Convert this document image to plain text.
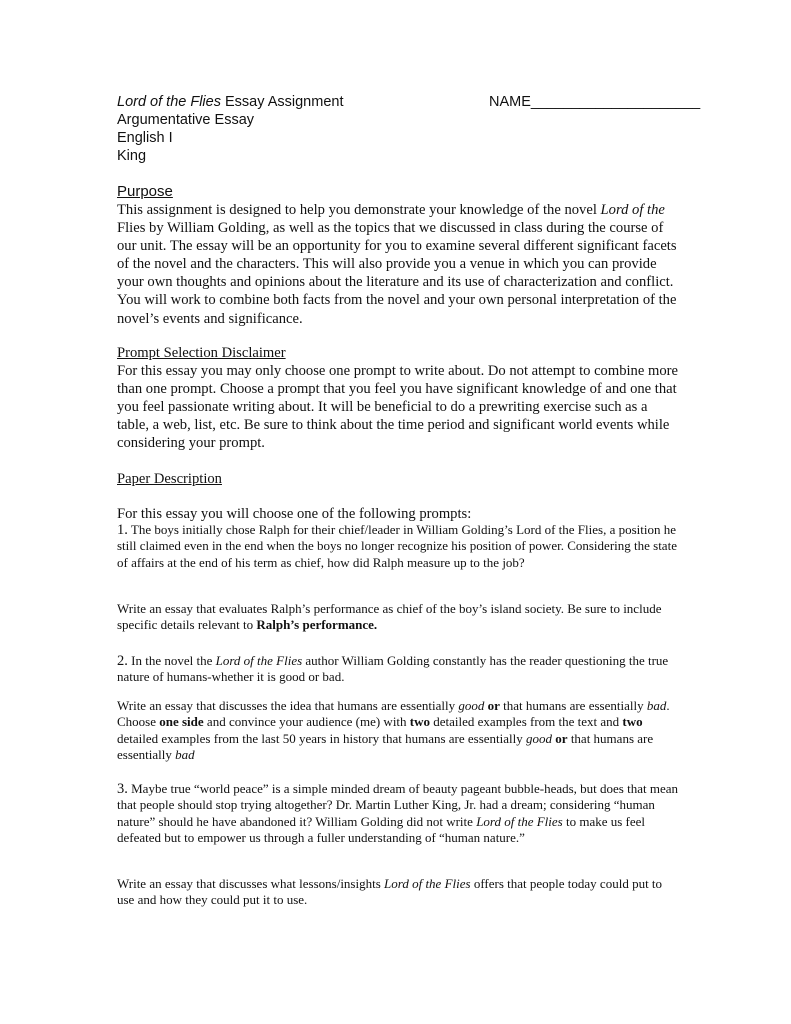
Lord of the Flies Essay Assignment	NAME_____________________
Argumentative Essay
English I
King
Purpose

This assignment is designed to help you demonstrate your knowledge of the novel Lord of the Flies by William Golding, as well as the topics that we discussed in class during the course of our unit. The essay will be an opportunity for you to examine several different significant facets of the novel and the characters. This will also provide you a venue in which you can provide your own thoughts and opinions about the literature and its use of characterization and conflict. You will work to combine both facts from the novel and your own personal interpretation of the novel’s events and significance.

Prompt Selection Disclaimer

For this essay you may only choose one prompt to write about. Do not attempt to combine more than one prompt. Choose a prompt that you feel you have significant knowledge of and one that you feel passionate writing about. It will be beneficial to do a prewriting exercise such as a table, a web, list, etc. Be sure to think about the time period and significant world events while considering your prompt.

Paper Description

For this essay you will choose one of the following prompts:

1. The boys initially chose Ralph for their chief/leader in William Golding’s Lord of the Flies, a position he still claimed even in the end when the boys no longer recognize his position of power. Considering the state of affairs at the end of his term as chief, how did Ralph measure up to the job?

Write an essay that evaluates Ralph’s performance as chief of the boy’s island society. Be sure to include specific details relevant to Ralph’s performance.

2. In the novel the Lord of the Flies author William Golding constantly has the reader questioning the true nature of humans-whether it is good or bad.

Write an essay that discusses the idea that humans are essentially good or that humans are essentially bad. Choose one side and convince your audience (me) with two detailed examples from the text and two detailed examples from the last 50 years in history that humans are essentially good or that humans are essentially bad

3. Maybe true “world peace” is a simple minded dream of beauty pageant bubble-heads, but does that mean that people should stop trying altogether? Dr. Martin Luther King, Jr. had a dream; considering “human nature” should he have abandoned it? William Golding did not write Lord of the Flies to make us feel defeated but to empower us through a fuller understanding of “human nature.”

Write an essay that discusses what lessons/insights Lord of the Flies offers that people today could put to use and how they could put it to use.
